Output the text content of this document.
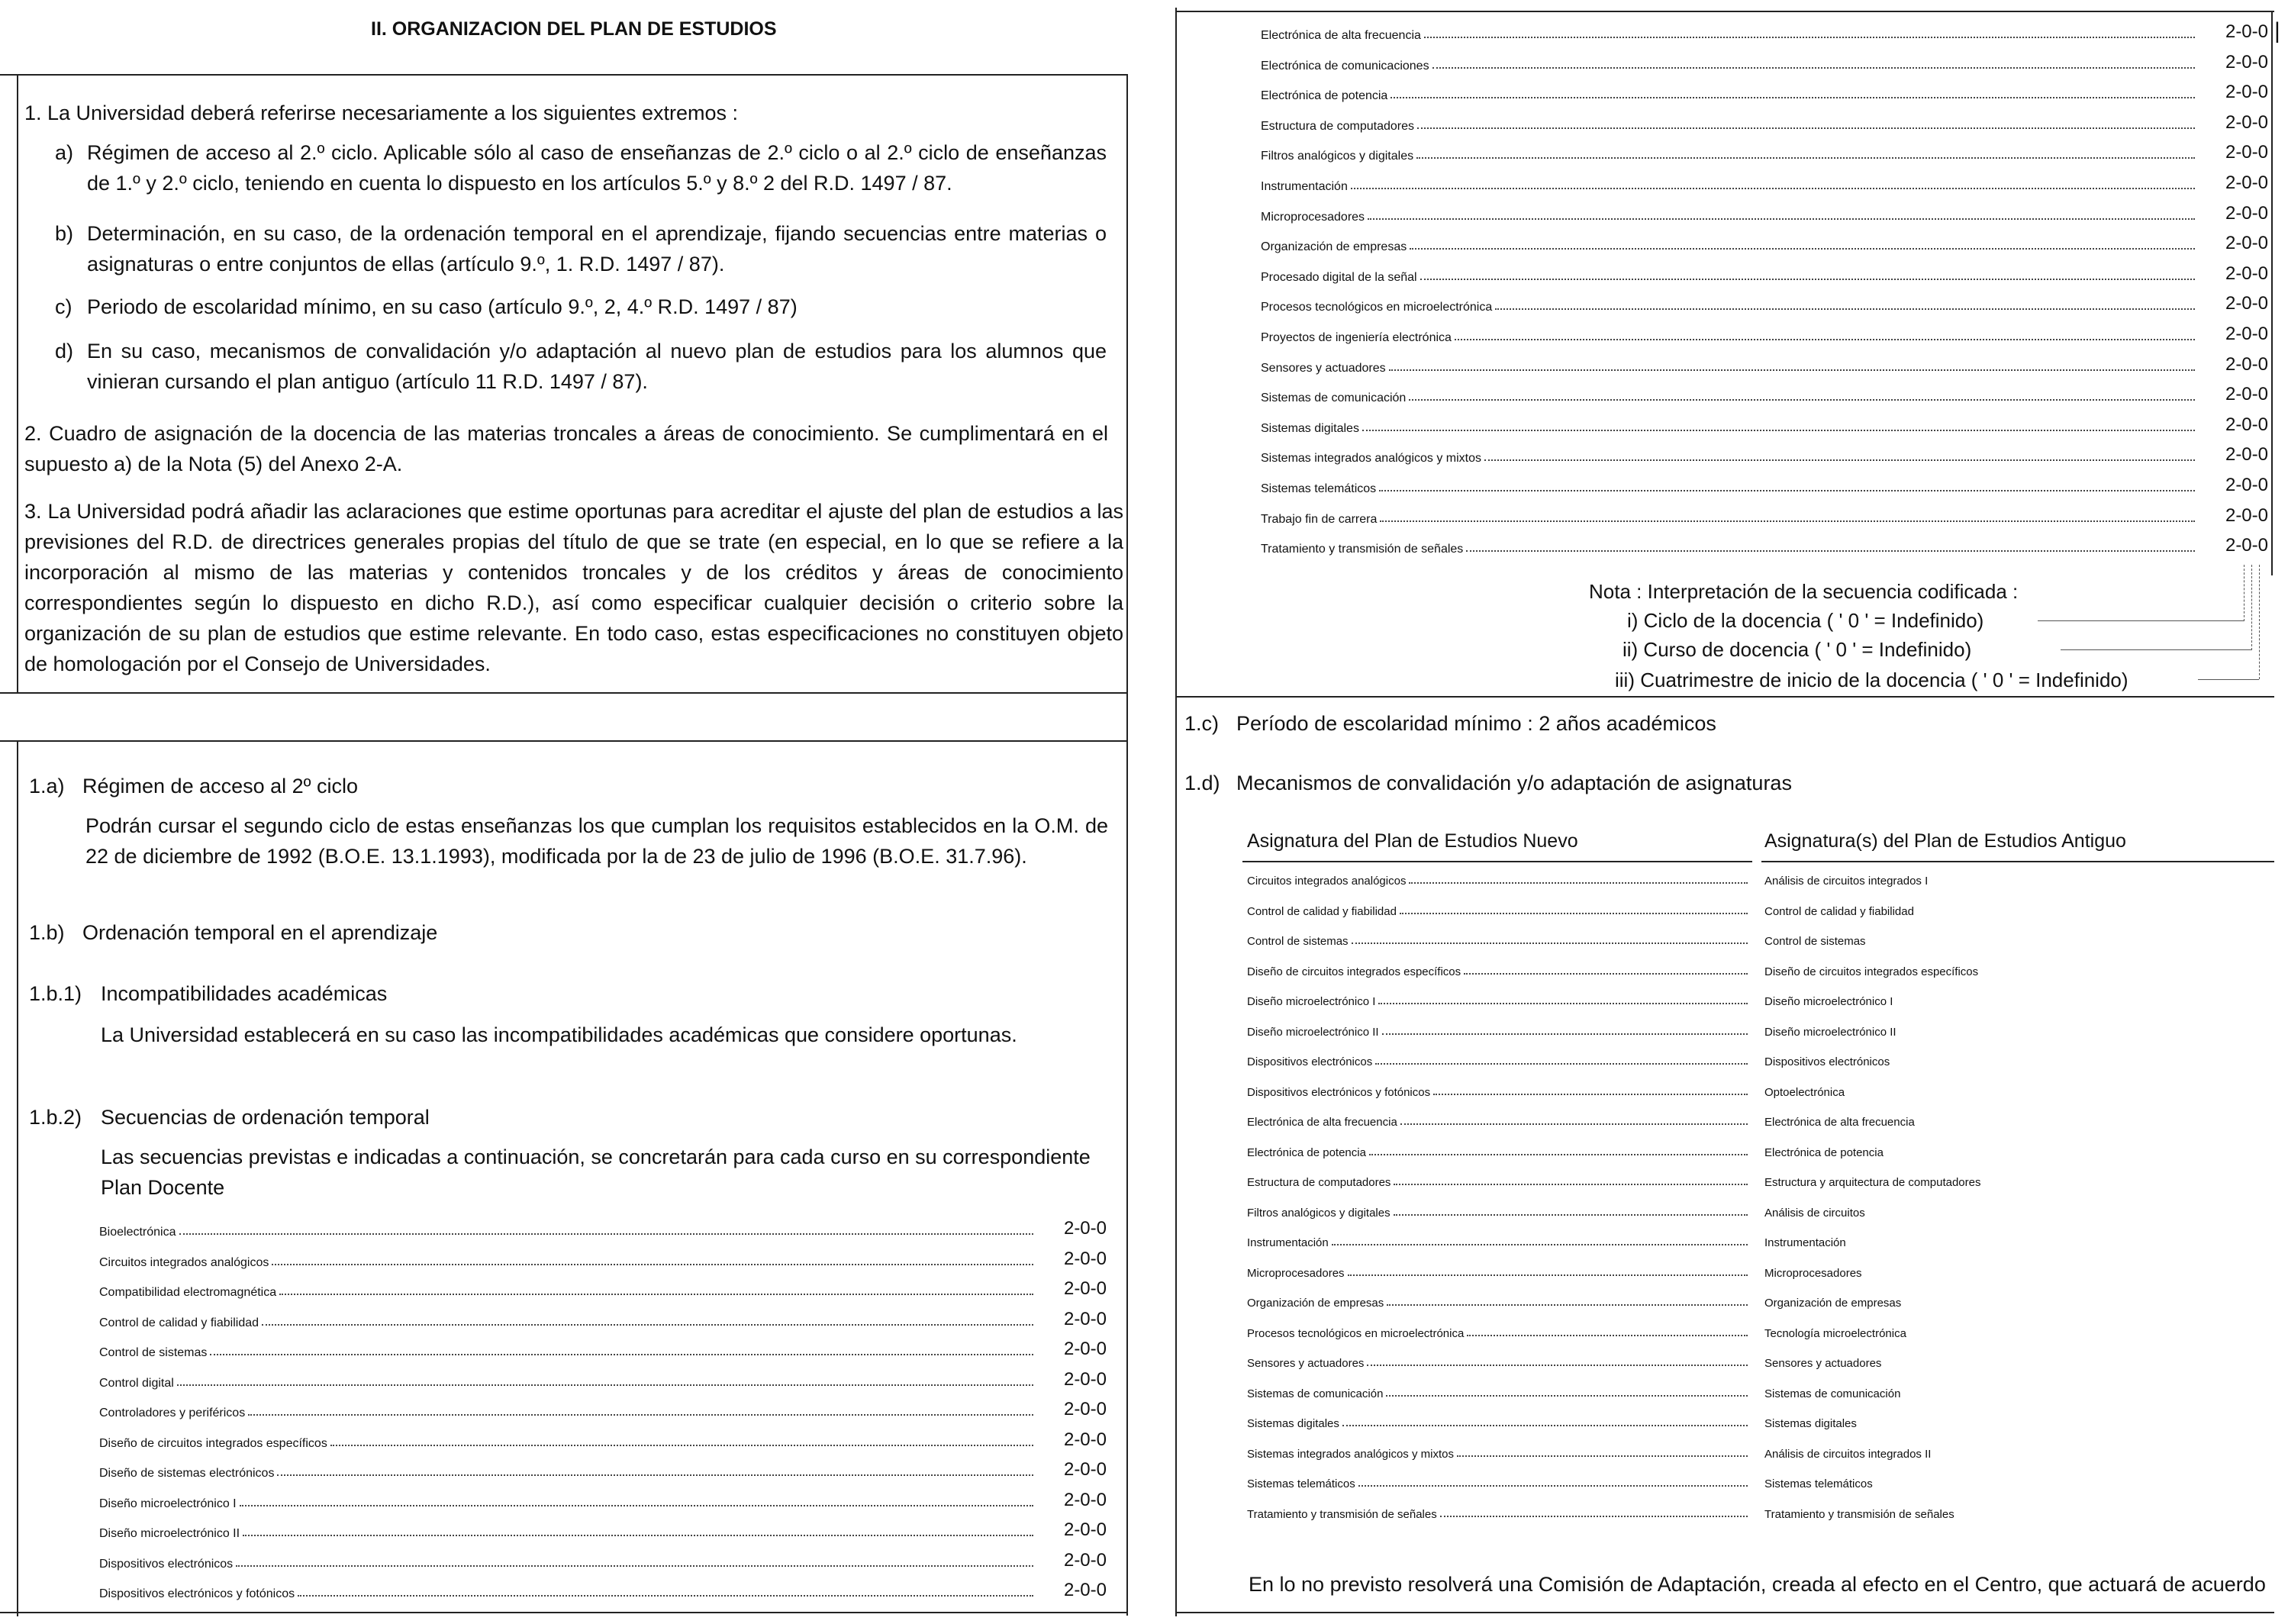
II. ORGANIZACION DEL PLAN DE ESTUDIOS
1. La Universidad deberá referirse necesariamente a los siguientes extremos :
a) Régimen de acceso al 2.º ciclo. Aplicable sólo al caso de enseñanzas de 2.º ciclo o al 2.º ciclo de enseñanzas de 1.º y 2.º ciclo, teniendo en cuenta lo dispuesto en los artículos 5.º y 8.º 2 del R.D. 1497 / 87.
b) Determinación, en su caso, de la ordenación temporal en el aprendizaje, fijando secuencias entre materias o asignaturas o entre conjuntos de ellas (artículo 9.º, 1. R.D. 1497 / 87).
c) Periodo de escolaridad mínimo, en su caso (artículo 9.º, 2, 4.º R.D. 1497 / 87)
d) En su caso, mecanismos de convalidación y/o adaptación al nuevo plan de estudios para los alumnos que vinieran cursando el plan antiguo (artículo 11 R.D. 1497 / 87).
2. Cuadro de asignación de la docencia de las materias troncales a áreas de conocimiento. Se cumplimentará en el supuesto a) de la Nota (5) del Anexo 2-A.
3. La Universidad podrá añadir las aclaraciones que estime oportunas para acreditar el ajuste del plan de estudios a las previsiones del R.D. de directrices generales propias del título de que se trate (en especial, en lo que se refiere a la incorporación al mismo de las materias y contenidos troncales y de los créditos y áreas de conocimiento correspondientes según lo dispuesto en dicho R.D.), así como especificar cualquier decisión o criterio sobre la organización de su plan de estudios que estime relevante. En todo caso, estas especificaciones no constituyen objeto de homologación por el Consejo de Universidades.
1.a) Régimen de acceso al 2º ciclo
Podrán cursar el segundo ciclo de estas enseñanzas los que cumplan los requisitos establecidos en la O.M. de 22 de diciembre de 1992 (B.O.E. 13.1.1993), modificada por la de 23 de julio de 1996 (B.O.E. 31.7.96).
1.b) Ordenación temporal en el aprendizaje
1.b.1) Incompatibilidades académicas
La Universidad establecerá en su caso las incompatibilidades académicas que considere oportunas.
1.b.2) Secuencias de ordenación temporal
Las secuencias previstas e indicadas a continuación, se concretarán para cada curso en su correspondiente Plan Docente
Bioelectrónica	2-0-0
Circuitos integrados analógicos	2-0-0
Compatibilidad electromagnética	2-0-0
Control de calidad y fiabilidad	2-0-0
Control de sistemas	2-0-0
Control digital	2-0-0
Controladores y periféricos	2-0-0
Diseño de circuitos integrados específicos	2-0-0
Diseño de sistemas electrónicos	2-0-0
Diseño microelectrónico I	2-0-0
Diseño microelectrónico II	2-0-0
Dispositivos electrónicos	2-0-0
Dispositivos electrónicos y fotónicos	2-0-0
Electrónica de alta frecuencia	2-0-0
Electrónica de comunicaciones	2-0-0
Electrónica de potencia	2-0-0
Estructura de computadores	2-0-0
Filtros analógicos y digitales	2-0-0
Instrumentación	2-0-0
Microprocesadores	2-0-0
Organización de empresas	2-0-0
Procesado digital de la señal	2-0-0
Procesos tecnológicos en microelectrónica	2-0-0
Proyectos de ingeniería electrónica	2-0-0
Sensores y actuadores	2-0-0
Sistemas de comunicación	2-0-0
Sistemas digitales	2-0-0
Sistemas integrados analógicos y mixtos	2-0-0
Sistemas telemáticos	2-0-0
Trabajo fin de carrera	2-0-0
Tratamiento y transmisión de señales	2-0-0
Nota : Interpretación de la secuencia codificada :
i) Ciclo de la docencia ( ' 0 ' = Indefinido)
ii) Curso de docencia ( ' 0 ' = Indefinido)
iii) Cuatrimestre de inicio de la docencia ( ' 0 ' = Indefinido)
1.c) Período de escolaridad mínimo : 2 años académicos
1.d) Mecanismos de convalidación y/o adaptación de asignaturas
Asignatura del Plan de Estudios Nuevo	Asignatura(s) del Plan de Estudios Antiguo
Circuitos integrados analógicos	Análisis de circuitos integrados I
Control de calidad y fiabilidad	Control de calidad y fiabilidad
Control de sistemas	Control de sistemas
Diseño de circuitos integrados específicos	Diseño de circuitos integrados específicos
Diseño microelectrónico I	Diseño microelectrónico I
Diseño microelectrónico II	Diseño microelectrónico II
Dispositivos electrónicos	Dispositivos electrónicos
Dispositivos electrónicos y fotónicos	Optoelectrónica
Electrónica de alta frecuencia	Electrónica de alta frecuencia
Electrónica de potencia	Electrónica de potencia
Estructura de computadores	Estructura y arquitectura de computadores
Filtros analógicos y digitales	Análisis de circuitos
Instrumentación	Instrumentación
Microprocesadores	Microprocesadores
Organización de empresas	Organización de empresas
Procesos tecnológicos en microelectrónica	Tecnología microelectrónica
Sensores y actuadores	Sensores y actuadores
Sistemas de comunicación	Sistemas de comunicación
Sistemas digitales	Sistemas digitales
Sistemas integrados analógicos y mixtos	Análisis de circuitos integrados II
Sistemas telemáticos	Sistemas telemáticos
Tratamiento y transmisión de señales	Tratamiento y transmisión de señales
En lo no previsto resolverá una Comisión de Adaptación, creada al efecto en el Centro, que actuará de acuerdo
|
